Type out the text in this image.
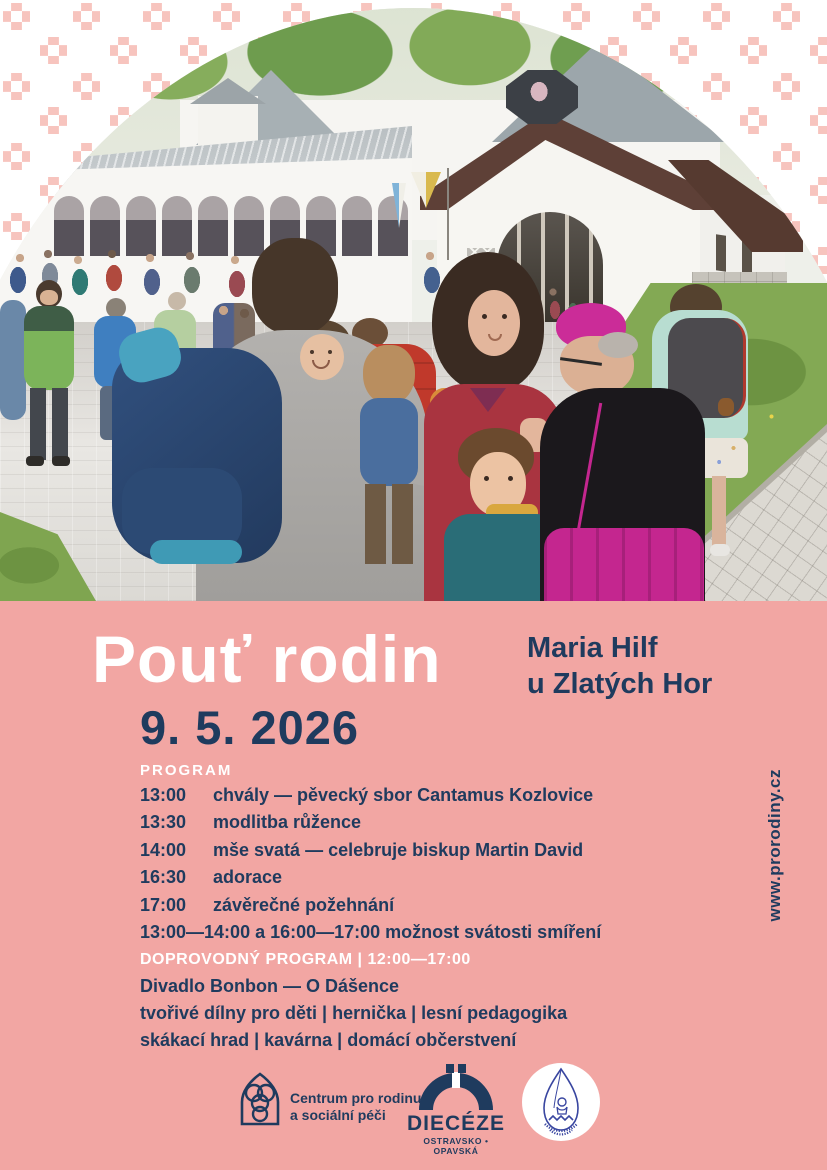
Pouť rodin	Maria Hilf
u Zlatých Hor
9. 5. 2026
PROGRAM
13:00 chvály — pěvecký sbor Cantamus Kozlovice
13:30 modlitba růžence
14:00 mše svatá — celebruje biskup Martin David
16:30 adorace
17:00 závěrečné požehnání
13:00—14:00 a 16:00—17:00 možnost svátosti smíření
DOPROVODNÝ PROGRAM | 12:00—17:00
Divadlo Bonbon — O Dášence
tvořivé dílny pro děti | hernička | lesní pedagogika
skákací hrad | kavárna | domácí občerstvení
www.prorodiny.cz
Centrum pro rodinu
a sociální péči	DIECÉZE
OSTRAVSKO • OPAVSKÁ
